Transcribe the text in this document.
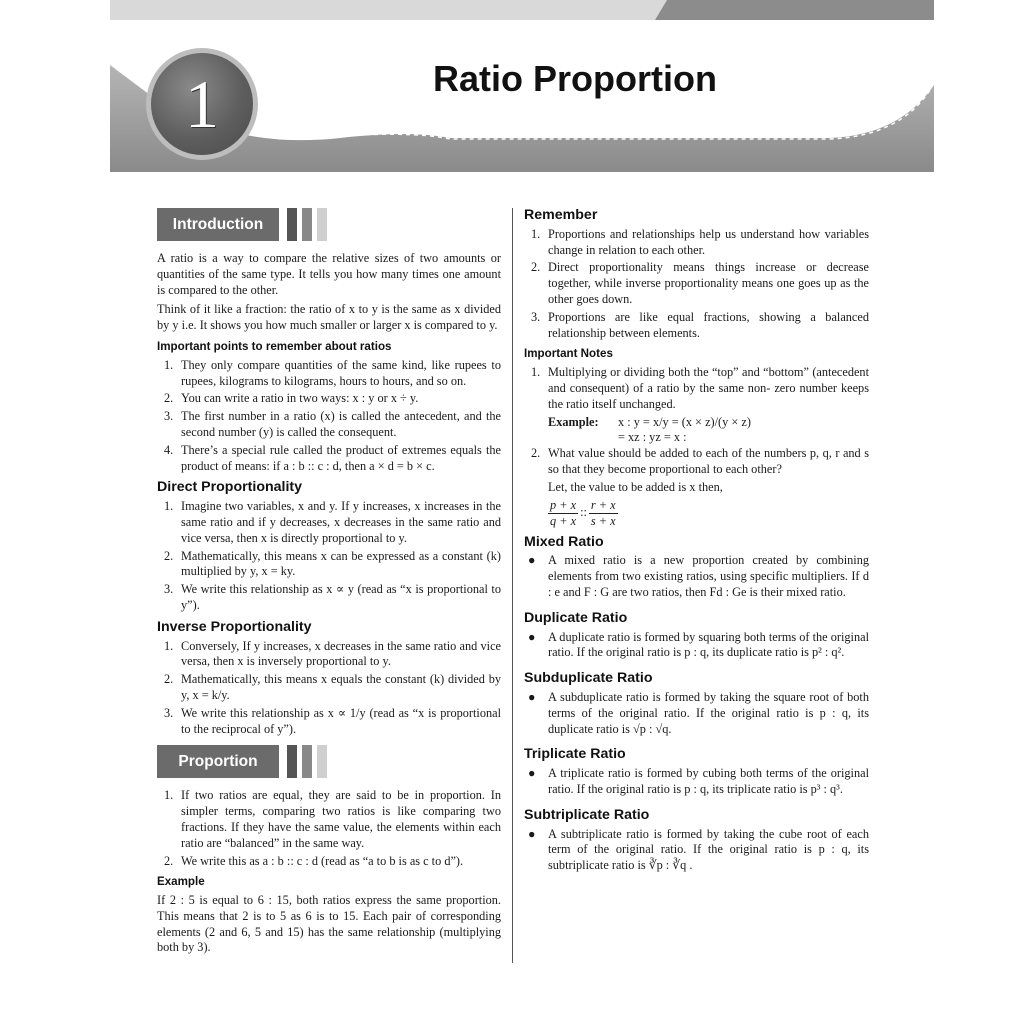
1	Ratio Proportion
Introduction

A ratio is a way to compare the relative sizes of two amounts or quantities of the same type. It tells you how many times one amount is compared to the other.

Think of it like a fraction: the ratio of x to y is the same as x divided by y i.e. It shows you how much smaller or larger x is compared to y.

Important points to remember about ratios
1. They only compare quantities of the same kind, like rupees to rupees, kilograms to kilograms, hours to hours, and so on.
2. You can write a ratio in two ways: x : y or x ÷ y.
3. The first number in a ratio (x) is called the antecedent, and the second number (y) is called the consequent.
4. There’s a special rule called the product of extremes equals the product of means: if a : b :: c : d, then a × d = b × c.
Direct Proportionality
1. Imagine two variables, x and y. If y increases, x increases in the same ratio and if y decreases, x decreases in the same ratio and vice versa, then x is directly proportional to y.
2. Mathematically, this means x can be expressed as a constant (k) multiplied by y, x = ky.
3. We write this relationship as x ∝ y (read as “x is proportional to y”).
Inverse Proportionality
1. Conversely, If y increases, x decreases in the same ratio and vice versa, then x is inversely proportional to y.
2. Mathematically, this means x equals the constant (k) divided by y, x = k/y.
3. We write this relationship as x ∝ 1/y (read as “x is proportional to the reciprocal of y”).
Proportion
1. If two ratios are equal, they are said to be in proportion. In simpler terms, comparing two ratios is like comparing two fractions. If they have the same value, the elements within each ratio are “balanced” in the same way.
2. We write this as a : b :: c : d (read as “a to b is as c to d”).
Example

If 2 : 5 is equal to 6 : 15, both ratios express the same proportion. This means that 2 is to 5 as 6 is to 15. Each pair of corresponding elements (2 and 6, 5 and 15) has the same relationship (multiplying both by 3).

Remember
1. Proportions and relationships help us understand how variables change in relation to each other.
2. Direct proportionality means things increase or decrease together, while inverse proportionality means one goes up as the other goes down.
3. Proportions are like equal fractions, showing a balanced relationship between elements.
Important Notes
1. Multiplying or dividing both the “top” and “bottom” (antecedent and consequent) of a ratio by the same non- zero number keeps the ratio itself unchanged.
Example:	x : y = x/y = (x × z)/(y × z)
= xz : yz = x :
2. What value should be added to each of the numbers p, q, r and s so that they become proportional to each other?

Let, the value to be added is x then,

$\frac{p + x}{q + x}$ :: $\frac{r + x}{s + x}$
Mixed Ratio
● A mixed ratio is a new proportion created by combining elements from two existing ratios, using specific multipliers. If d : e and F : G are two ratios, then Fd : Ge is their mixed ratio.
Duplicate Ratio
● A duplicate ratio is formed by squaring both terms of the original ratio. If the original ratio is p : q, its duplicate ratio is p² : q².
Subduplicate Ratio
● A subduplicate ratio is formed by taking the square root of both terms of the original ratio. If the original ratio is p : q, its duplicate ratio is √p : √q.
Triplicate Ratio
● A triplicate ratio is formed by cubing both terms of the original ratio. If the original ratio is p : q, its triplicate ratio is p³ : q³.
Subtriplicate Ratio
● A subtriplicate ratio is formed by taking the cube root of each term of the original ratio. If the original ratio is p : q, its subtriplicate ratio is ∛p : ∛q .
